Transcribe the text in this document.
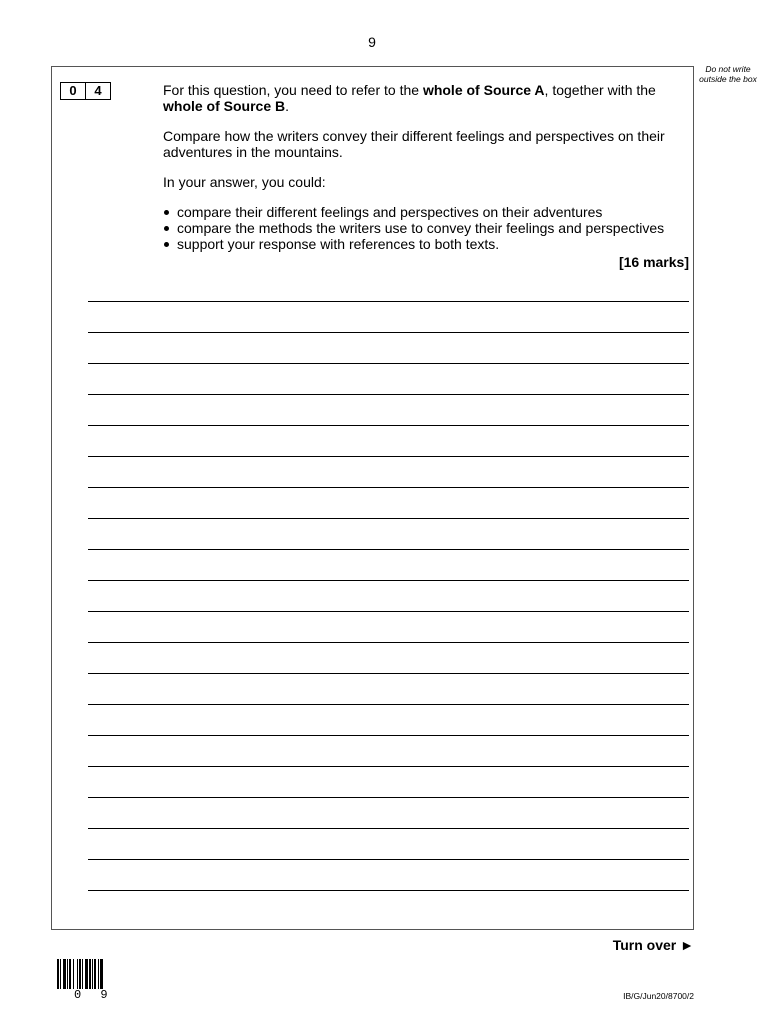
9
Do not write outside the box
0	4	For this question, you need to refer to the whole of Source A, together with the
whole of Source B.

Compare how the writers convey their different feelings and perspectives on their adventures in the mountains.

In your answer, you could:

compare their different feelings and perspectives on their adventures
compare the methods the writers use to convey their feelings and perspectives
support your response with references to both texts.
[16 marks]
Turn over ►
0 9	IB/G/Jun20/8700/2
